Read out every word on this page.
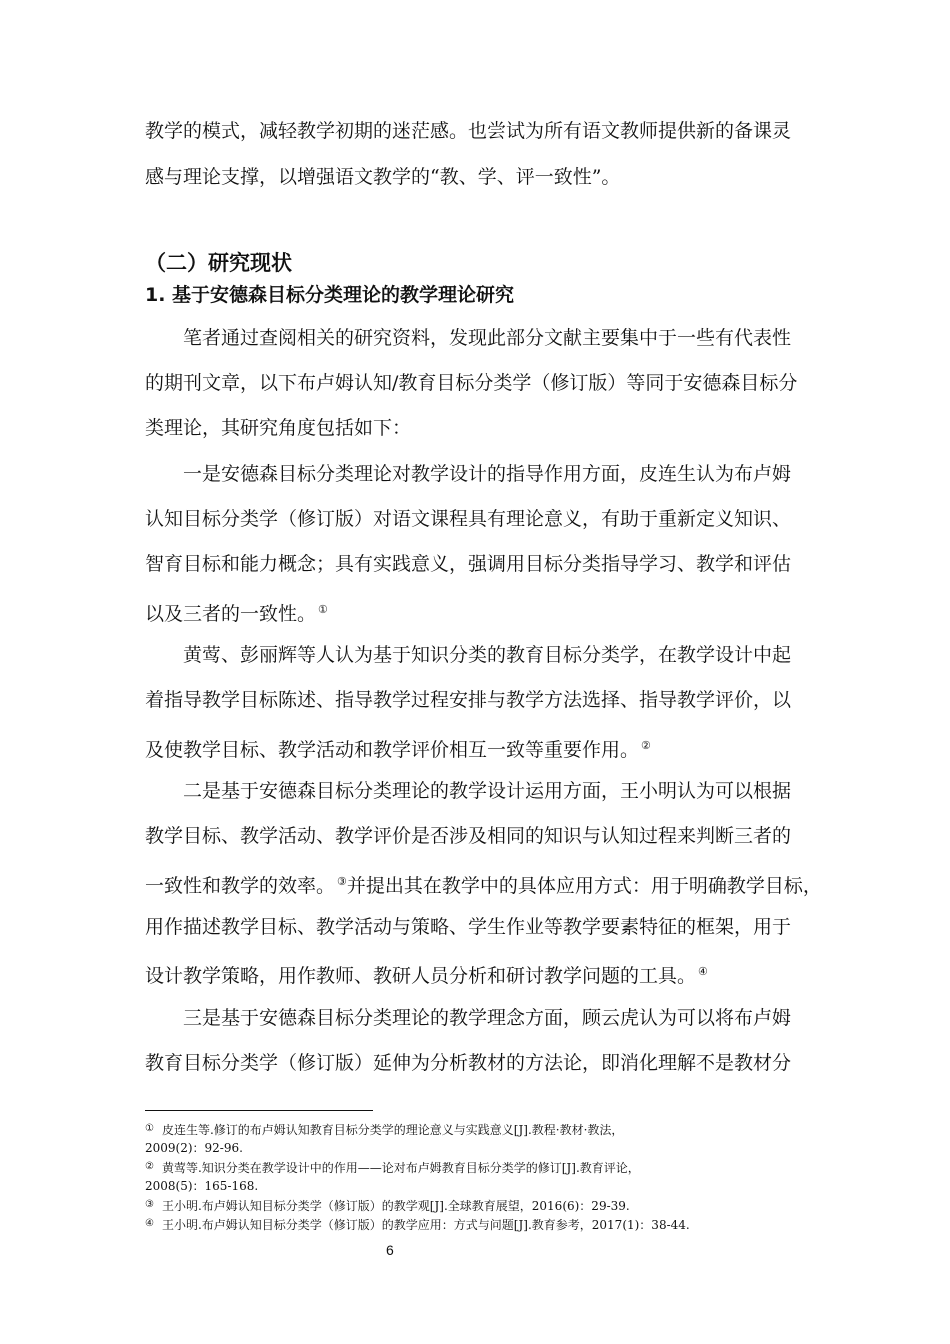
教学的模式，减轻教学初期的迷茫感。也尝试为所有语文教师提供新的备课灵
感与理论支撑，以增强语文教学的“教、学、评一致性”。
（二）研究现状
1. 基于安德森目标分类理论的教学理论研究
笔者通过查阅相关的研究资料，发现此部分文献主要集中于一些有代表性
的期刊文章，以下布卢姆认知/教育目标分类学（修订版）等同于安德森目标分
类理论，其研究角度包括如下：
一是安德森目标分类理论对教学设计的指导作用方面，皮连生认为布卢姆
认知目标分类学（修订版）对语文课程具有理论意义，有助于重新定义知识、
智育目标和能力概念；具有实践意义，强调用目标分类指导学习、教学和评估
以及三者的一致性。 ①
黄莺、彭丽辉等人认为基于知识分类的教育目标分类学，在教学设计中起
着指导教学目标陈述、指导教学过程安排与教学方法选择、指导教学评价，以
及使教学目标、教学活动和教学评价相互一致等重要作用。 ②
二是基于安德森目标分类理论的教学设计运用方面，王小明认为可以根据
教学目标、教学活动、教学评价是否涉及相同的知识与认知过程来判断三者的
一致性和教学的效率。 ③并提出其在教学中的具体应用方式：用于明确教学目标，
用作描述教学目标、教学活动与策略、学生作业等教学要素特征的框架，用于
设计教学策略，用作教师、教研人员分析和研讨教学问题的工具。 ④
三是基于安德森目标分类理论的教学理念方面，顾云虎认为可以将布卢姆
教育目标分类学（修订版）延伸为分析教材的方法论，即消化理解不是教材分
① 皮连生等.修订的布卢姆认知教育目标分类学的理论意义与实践意义[J].教程·教材·教法，
2009(2)：92-96.
② 黄莺等.知识分类在教学设计中的作用——论对布卢姆教育目标分类学的修订[J].教育评论，
2008(5)：165-168.
③ 王小明.布卢姆认知目标分类学（修订版）的教学观[J].全球教育展望，2016(6)：29-39.
④ 王小明.布卢姆认知目标分类学（修订版）的教学应用：方式与问题[J].教育参考，2017(1)：38-44.
6
